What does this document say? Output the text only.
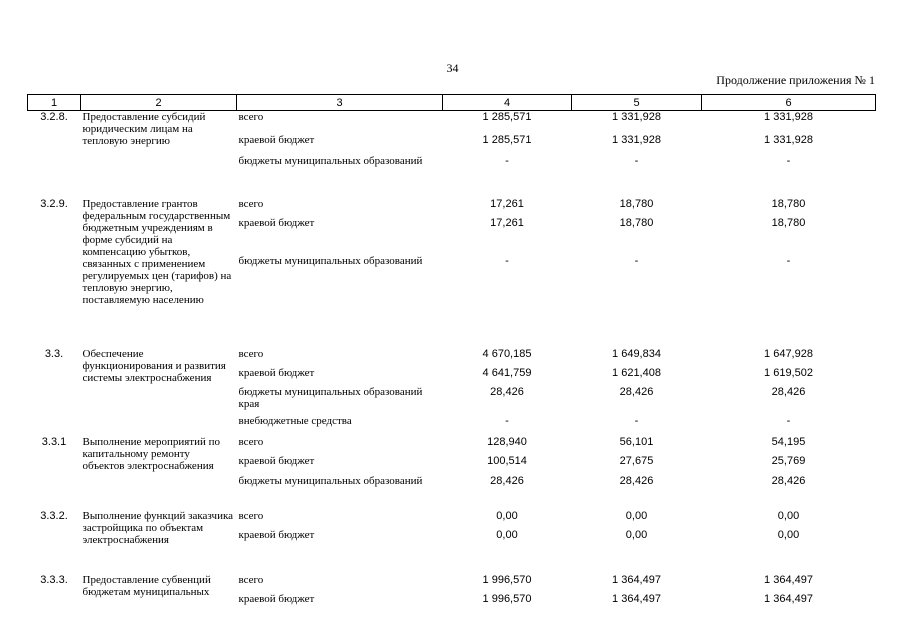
34
Продолжение приложения № 1
1	2	3	4	5	6
3.2.8.	Предоставление субсидий юридическим лицам на тепловую энергию	всего	1 285,571	1 331,928	1 331,928
		краевой бюджет	1 285,571	1 331,928	1 331,928
		бюджеты муниципальных образований	-	-	-
3.2.9.	Предоставление грантов федеральным государственным бюджетным учреждениям в форме субсидий на компенсацию убытков, связанных с применением регулируемых цен (тарифов) на тепловую энергию, поставляемую населению	всего	17,261	18,780	18,780
		краевой бюджет	17,261	18,780	18,780
		бюджеты муниципальных образований	-	-	-
3.3.	Обеспечение функционирования и развития системы электроснабжения	всего	4 670,185	1 649,834	1 647,928
		краевой бюджет	4 641,759	1 621,408	1 619,502
		бюджеты муниципальных образований края	28,426	28,426	28,426
		внебюджетные средства	-	-	-
3.3.1	Выполнение мероприятий по капитальному ремонту объектов электроснабжения	всего	128,940	56,101	54,195
		краевой бюджет	100,514	27,675	25,769
		бюджеты муниципальных образований	28,426	28,426	28,426
3.3.2.	Выполнение функций заказчика застройщика по объектам электроснабжения	всего	0,00	0,00	0,00
		краевой бюджет	0,00	0,00	0,00
3.3.3.	Предоставление субвенций бюджетам муниципальных	всего	1 996,570	1 364,497	1 364,497
		краевой бюджет	1 996,570	1 364,497	1 364,497
